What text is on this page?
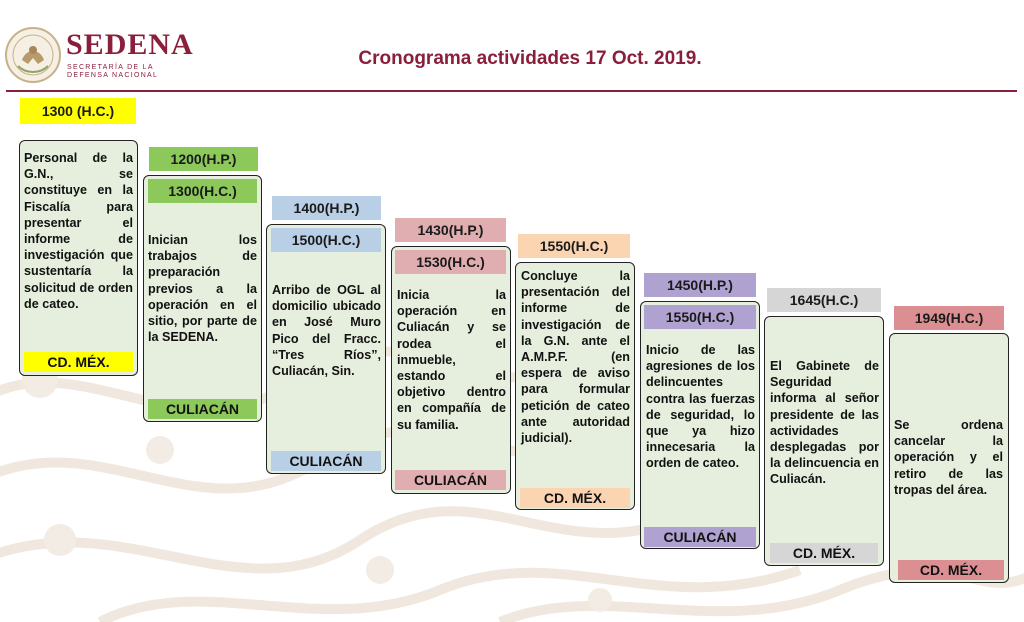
SEDENA
SECRETARÍA DE LA
DEFENSA NACIONAL
Cronograma actividades 17 Oct. 2019.
1300 (H.C.)
Personal de la G.N., se constituye en la Fiscalía para presentar el informe de investigación que sustentaría la solicitud de orden de cateo.
CD. MÉX.
1200(H.P.)
1300(H.C.)
Inician los trabajos de preparación previos a la operación en el sitio, por parte de la SEDENA.
CULIACÁN
1400(H.P.)
1500(H.C.)
Arribo de OGL al domicilio ubicado en José Muro Pico del Fracc. “Tres Ríos”, Culiacán, Sin.
CULIACÁN
1430(H.P.)
1530(H.C.)
Inicia la operación en Culiacán y se rodea el inmueble, estando el objetivo dentro en compañía de su familia.
CULIACÁN
1550(H.C.)
Concluye la presentación del informe de investigación de la G.N. ante el A.M.P.F. (en espera de aviso para formular petición de cateo ante autoridad judicial).
CD. MÉX.
1450(H.P.)
1550(H.C.)
Inicio de las agresiones de los delincuentes contra las fuerzas de seguridad, lo que ya hizo innecesaria la orden de cateo.
CULIACÁN
1645(H.C.)
El Gabinete de Seguridad informa al señor presidente de las actividades desplegadas por la delincuencia en Culiacán.
CD. MÉX.
1949(H.C.)
Se ordena cancelar la operación y el retiro de las tropas del área.
CD. MÉX.
